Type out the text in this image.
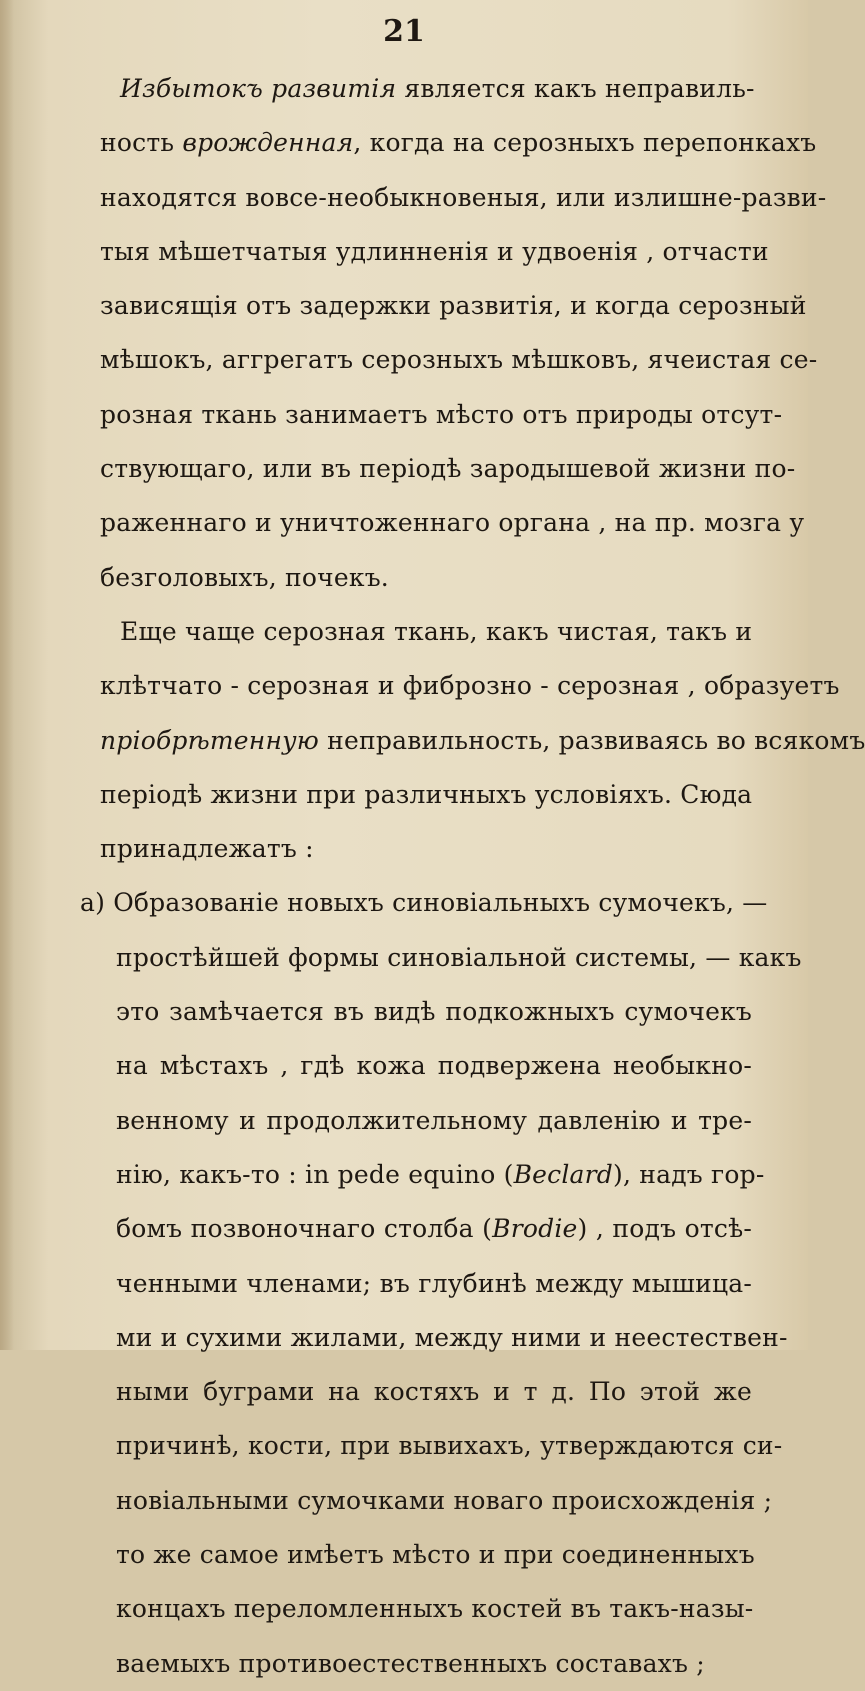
21
Избытокъ развитія является какъ неправиль-
ность врожденная, когда на серозныхъ перепонкахъ
находятся вовсе-необыкновеныя, или излишне-разви-
тыя мѣшетчатыя удлинненія и удвоенія , отчасти
зависящія отъ задержки развитія, и когда серозный
мѣшокъ, аггрегатъ серозныхъ мѣшковъ, ячеистая се-
розная ткань занимаетъ мѣсто отъ природы отсут-
ствующаго, или въ періодѣ зародышевой жизни по-
раженнаго и уничтоженнаго органа , на пр. мозга у
безголовыхъ, почекъ.
Еще чаще серозная ткань, какъ чистая, такъ и
клѣтчато - серозная и фиброзно - серозная , образуетъ
пріобрѣтенную неправильность, развиваясь во всякомъ
періодѣ жизни при различныхъ условіяхъ. Сюда
принадлежатъ :
a) Образованіе новыхъ синовіальныхъ сумочекъ, —
простѣйшей формы синовіальной системы, — какъ
это замѣчается въ видѣ подкожныхъ сумочекъ
на мѣстахъ , гдѣ кожа подвержена необыкно-
венному и продолжительному давленію и тре-
нію, какъ-то : in pede equino (Beclard), надъ гор-
бомъ позвоночнаго столба (Brodie) , подъ отсѣ-
ченными членами; въ глубинѣ между мышица-
ми и сухими жилами, между ними и неестествен-
ными буграми на костяхъ и т д. По этой же
причинѣ, кости, при вывихахъ, утверждаются си-
новіальными сумочками новаго происхожденія ;
то же самое имѣетъ мѣсто и при соединенныхъ
концахъ переломленныхъ костей въ такъ-назы-
ваемыхъ противоестественныхъ составахъ ;
